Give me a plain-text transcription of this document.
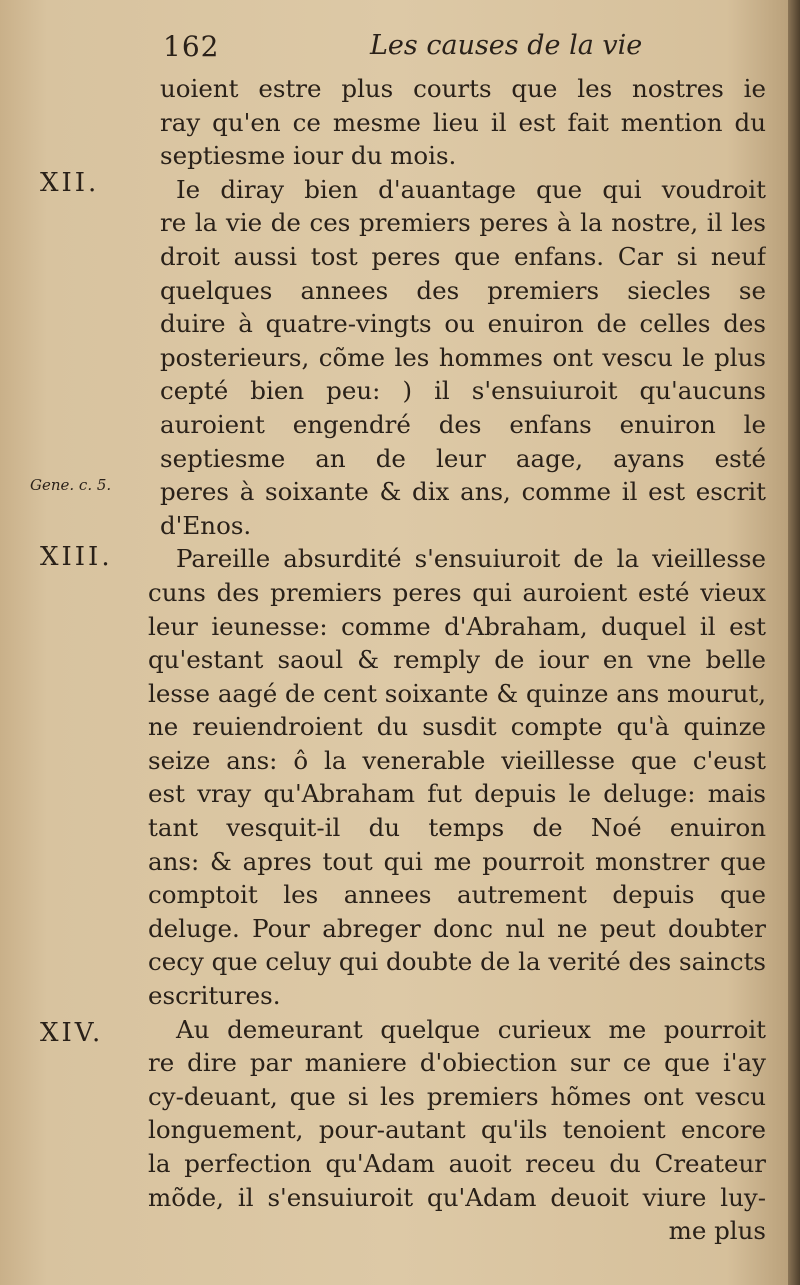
162	Les causes de la vie
XII.
Gene. c. 5.
XIII.
XIV.
uoient estre plus courts que les nostres ie
ray qu'en ce mesme lieu il est fait mention du
septiesme iour du mois.
Ie diray bien d'auantage que qui voudroit
re la vie de ces premiers peres à la nostre, il les
droit aussi tost peres que enfans. Car si neuf
quelques annees des premiers siecles se
duire à quatre-vingts ou enuiron de celles des
posterieurs, cõme les hommes ont vescu le plus
cepté bien peu: ) il s'ensuiuroit qu'aucuns
auroient engendré des enfans enuiron le
septiesme an de leur aage, ayans esté
peres à soixante & dix ans, comme il est escrit
d'Enos.
Pareille absurdité s'ensuiuroit de la vieillesse
cuns des premiers peres qui auroient esté vieux
leur ieunesse: comme d'Abraham, duquel il est
qu'estant saoul & remply de iour en vne belle
lesse aagé de cent soixante & quinze ans mourut,
ne reuiendroient du susdit compte qu'à quinze
seize ans: ô la venerable vieillesse que c'eust
est vray qu'Abraham fut depuis le deluge: mais
tant vesquit-il du temps de Noé enuiron
ans: & apres tout qui me pourroit monstrer que
comptoit les annees autrement depuis que
deluge. Pour abreger donc nul ne peut doubter
cecy que celuy qui doubte de la verité des saincts
escritures.
Au demeurant quelque curieux me pourroit
re dire par maniere d'obiection sur ce que i'ay
cy-deuant, que si les premiers hõmes ont vescu
longuement, pour-autant qu'ils tenoient encore
la perfection qu'Adam auoit receu du Createur
mõde, il s'ensuiuroit qu'Adam deuoit viure luy-
me plus
